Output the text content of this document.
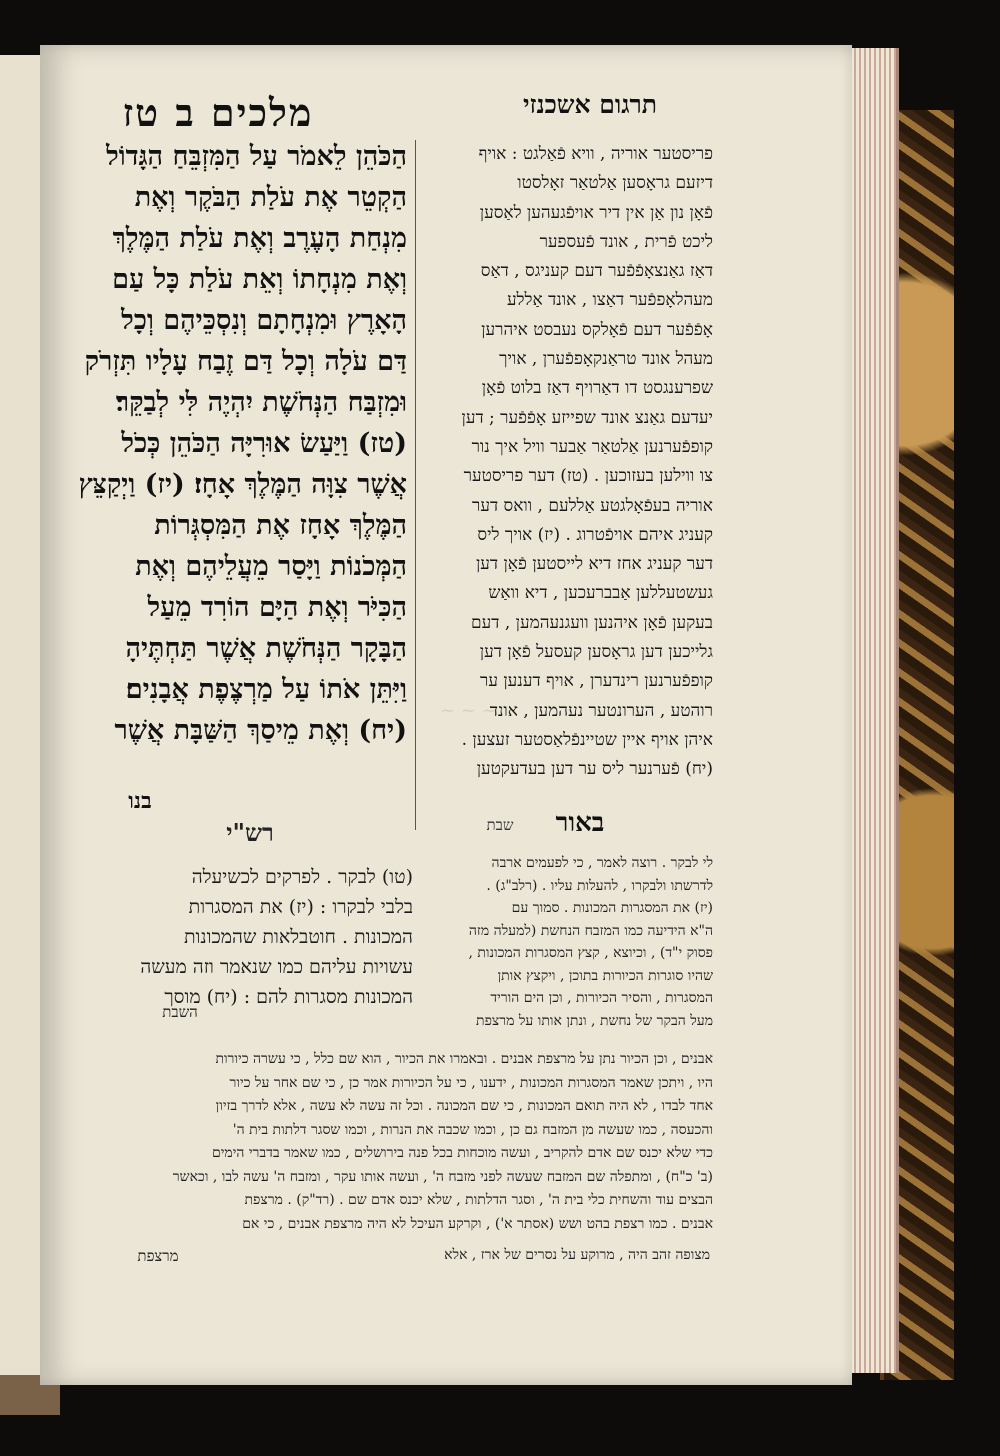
~ ~ ~
מלכים ב טז	תרגום אשכנזי
הַכֹּהֵן לֵאמֹר עַל הַמִּזְבֵּחַ הַגָּדוֹל
הַקְטֵר אֶת עֹלַת הַבֹּקֶר וְאֶת
מִנְחַת הָעֶרֶב וְאֶת עֹלַת הַמֶּלֶךְ
וְאֶת מִנְחָתוֹ וְאֵת עֹלַת כָּל עַם
הָאָרֶץ וּמִנְחָתָם וְנִסְכֵּיהֶם וְכָל
דַּם עֹלָה וְכָל דַּם זֶבַח עָלָיו תִּזְרֹק
וּמִזְבַּח הַנְּחֹשֶׁת יִהְיֶה לִּי לְבַקֵּר׃
(טז) וַיַּעַשׂ אוּרִיָּה הַכֹּהֵן כְּכֹל
אֲשֶׁר צִוָּה הַמֶּלֶךְ אָחָז׃ (יז) וַיְקַצֵּץ
הַמֶּלֶךְ אָחָז אֶת הַמִּסְגְּרוֹת
הַמְּכֹנוֹת וַיָּסַר מֵעֲלֵיהֶם וְאֶת
הַכִּיֹּר וְאֶת הַיָּם הוֹרִד מֵעַל
הַבָּקָר הַנְּחֹשֶׁת אֲשֶׁר תַּחְתֶּיהָ
וַיִּתֵּן אֹתוֹ עַל מַרְצֶפֶת אֲבָנִים׃
(יח) וְאֶת מֵיסַךְ הַשַּׁבָּת אֲשֶׁר
בנו
פריסטער אוריה , וויא פֿאַלגט : אויף
דיזעם גראָסען אַלטאַר זאָלסטו
פֿאָן נון אַן אין דיר אויפֿגעהען לאַסען
ליכט פֿרית , אונד פֿעספער
דאַז גאַנצאָפֿפֿער דעם קעניגס , דאַס
מעהלאָפפֿער דאַצו , אונד אַללע
אָפֿפֿער דעם פֿאָלקס נעבסט איהרען
מעהל אונד טראַנקאָפפֿערן , אויך
שפרענגסט דו דאַרויף דאַז בלוט פֿאָן
יעדעם גאַנצ אונד שפייזע אָפֿפֿער ; דען
קופפֿערנען אַלטאַר אַבער וויל איך נור
צו ווילען בעזוכען . (טז) דער פריסטער
אוריה בעפֿאָלגטע אַללעם , וואס דער
קעניג איהם אויפֿטרוג . (יז) אויך ליס
דער קעניג אחז דיא לייסטען פֿאָן דען
געשטעללען אַבברעכען , דיא וואַש
בעקען פֿאָן איהנען וועגנעהמען , דעם
גלייכען דען גראָסען קעסעל פֿאָן דען
קופפֿערנען רינדערן , אויף דענען ער
רוהטע , הערונטער נעהמען , אונד
איהן אויף איין שטיינפֿלאַסטער זעצען .
(יח) פֿערנער ליס ער דען בעדעקטען
רש"י	שבת	באור
(טו) לבקר . לפרקים לכשיעלה
בלבי לבקרו : (יז) את המסגרות
המכונות . חוטבלאות שהמכונות
עשויות עליהם כמו שנאמר וזה מעשה
המכונות מסגרות להם : (יח) מוסך
השבת
לי לבקר . רוצה לאמר , כי לפעמים ארבה
לדרשתו ולבקרו , להעלות עליו . (רלב"ג) .
(יז) את המסגרות המכונות . סמוך עם
ה"א הידיעה כמו המזבח הנחשת (למעלה מזה
פסוק י"ד) , וכיוצא , קצץ המסגרות המכונות ,
שהיו סוגרות הכיורות בתוכן , ויקצץ אותן
המסגרות , והסיר הכיורות , וכן הים הוריד
מעל הבקר של נחשת , ונתן אותו על מרצפת
אבנים , וכן הכיור נתן על מרצפת אבנים . ובאמרו את הכיור , הוא שם כלל , כי עשרה כיורות
היו , ויתכן שאמר המסגרות המכונות , ידענו , כי על הכיורות אמר כן , כי שם אחר על כיור
אחד לבדו , לא היה תואם המכונות , כי שם המכונה . וכל זה עשה לא עשה , אלא לדרך בזיון
והכעסה , כמו שעשה מן המזבח גם כן , וכמו שכבה את הנרות , וכמו שסגר דלתות בית ה'
כדי שלא יכנס שם אדם להקריב , ועשה מוכחות בכל פנה בירושלים , כמו שאמר בדברי הימים
(ב' כ"ח) , ומתפלה שם המזבח שעשה לפני מזבח ה' , ועשה אותו עקר , ומזבח ה' עשה לבו , וכאשר
הבצים עוד והשחית כלי בית ה' , וסגר הדלתות , שלא יכנס אדם שם . (רד"ק) . מרצפת
אבנים . כמו רצפת בהט ושש (אסתר א') , וקרקע העיכל לא היה מרצפת אבנים , כי אם
מצופה זהב היה , מרוקע על נסרים של ארז , אלא
מרצפת
